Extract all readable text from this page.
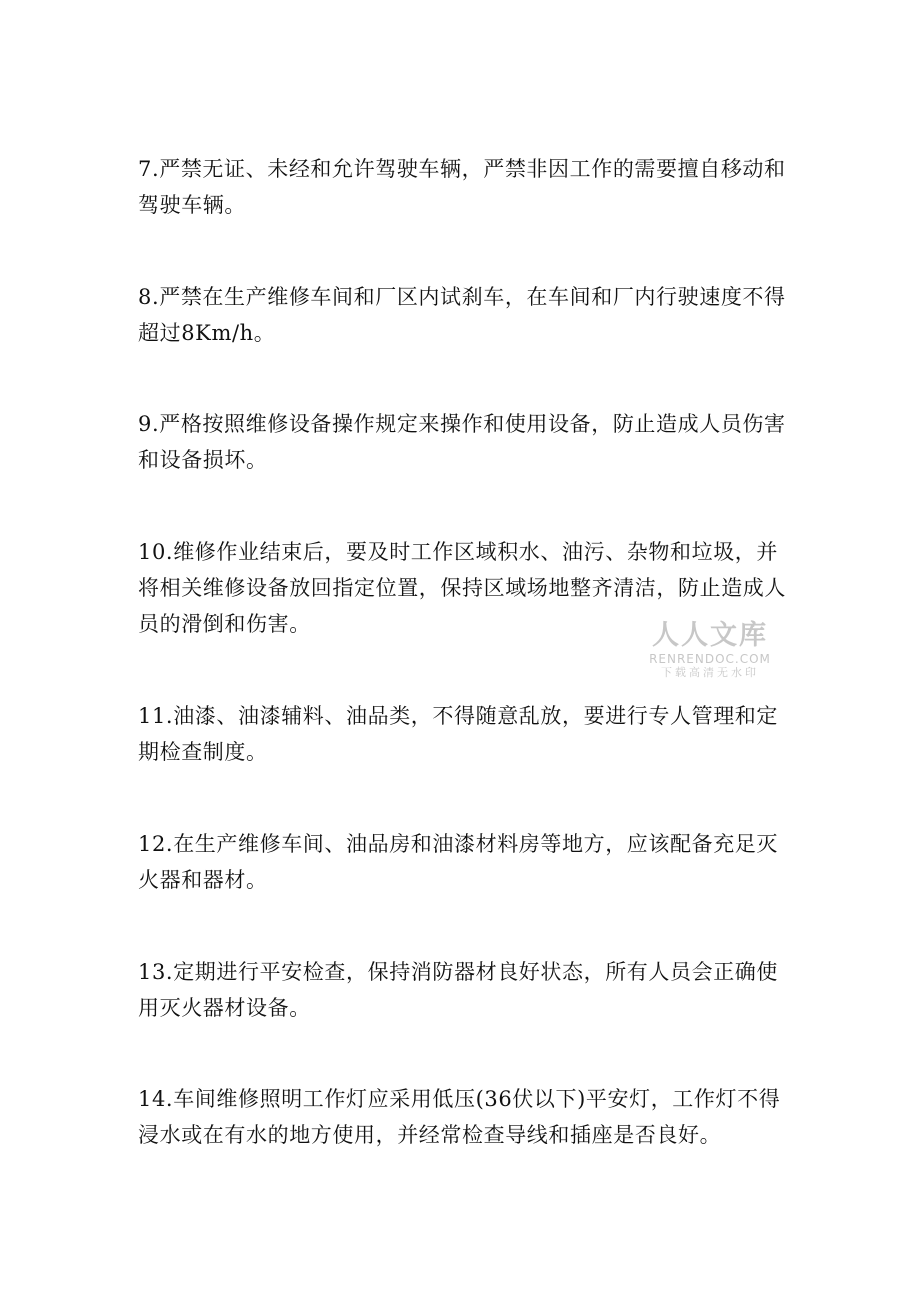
7.严禁无证、未经和允许驾驶车辆，严禁非因工作的需要擅自移动和驾驶车辆。

8.严禁在生产维修车间和厂区内试刹车，在车间和厂内行驶速度不得超过8Km/h。

9.严格按照维修设备操作规定来操作和使用设备，防止造成人员伤害和设备损坏。

10.维修作业结束后，要及时工作区域积水、油污、杂物和垃圾，并将相关维修设备放回指定位置，保持区域场地整齐清洁，防止造成人员的滑倒和伤害。

11.油漆、油漆辅料、油品类，不得随意乱放，要进行专人管理和定期检查制度。

12.在生产维修车间、油品房和油漆材料房等地方，应该配备充足灭火器和器材。

13.定期进行平安检查，保持消防器材良好状态，所有人员会正确使用灭火器材设备。

14.车间维修照明工作灯应采用低压(36伏以下)平安灯，工作灯不得浸水或在有水的地方使用，并经常检查导线和插座是否良好。

人人文库
RENRENDOC.COM
下载高清无水印
